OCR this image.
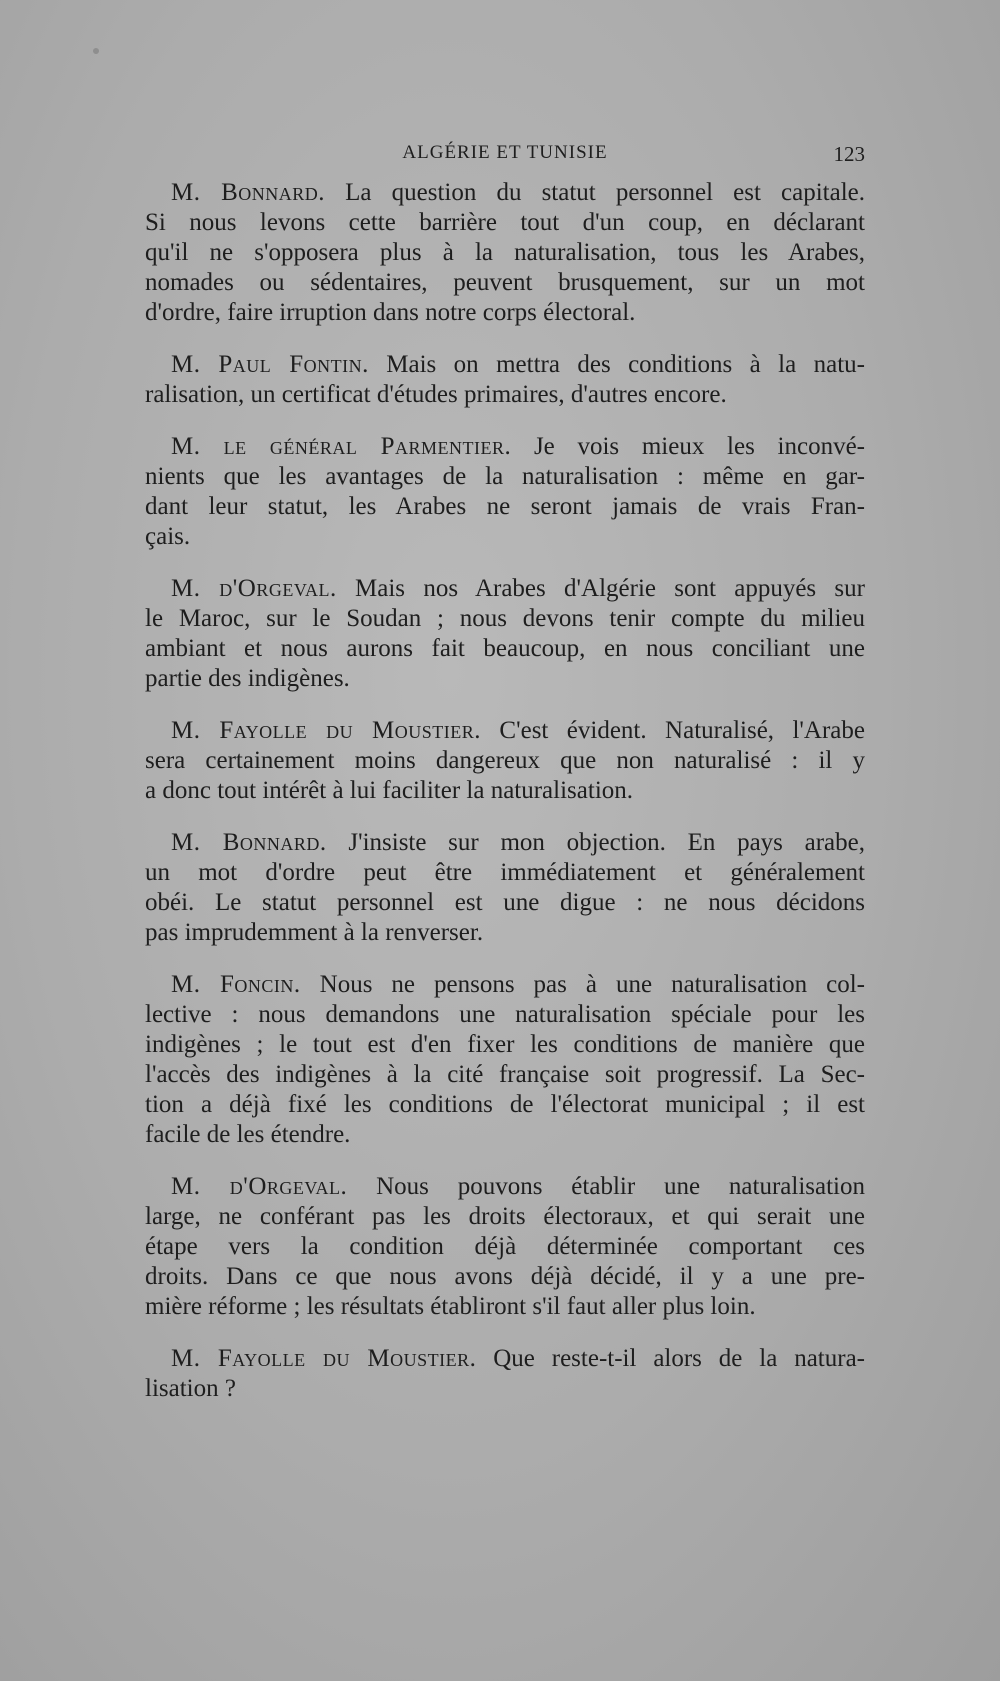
ALGÉRIE ET TUNISIE	123

M. Bonnard. La question du statut personnel est capitale.
Si nous levons cette barrière tout d'un coup, en déclarant
qu'il ne s'opposera plus à la naturalisation, tous les Arabes,
nomades ou sédentaires, peuvent brusquement, sur un mot
d'ordre, faire irruption dans notre corps électoral.

M. Paul Fontin. Mais on mettra des conditions à la natu-
ralisation, un certificat d'études primaires, d'autres encore.

M. le général Parmentier. Je vois mieux les inconvé-
nients que les avantages de la naturalisation : même en gar-
dant leur statut, les Arabes ne seront jamais de vrais Fran-
çais.

M. d'Orgeval. Mais nos Arabes d'Algérie sont appuyés sur
le Maroc, sur le Soudan ; nous devons tenir compte du milieu
ambiant et nous aurons fait beaucoup, en nous conciliant une
partie des indigènes.

M. Fayolle du Moustier. C'est évident. Naturalisé, l'Arabe
sera certainement moins dangereux que non naturalisé : il y
a donc tout intérêt à lui faciliter la naturalisation.

M. Bonnard. J'insiste sur mon objection. En pays arabe,
un mot d'ordre peut être immédiatement et généralement
obéi. Le statut personnel est une digue : ne nous décidons
pas imprudemment à la renverser.

M. Foncin. Nous ne pensons pas à une naturalisation col-
lective : nous demandons une naturalisation spéciale pour les
indigènes ; le tout est d'en fixer les conditions de manière que
l'accès des indigènes à la cité française soit progressif. La Sec-
tion a déjà fixé les conditions de l'électorat municipal ; il est
facile de les étendre.

M. d'Orgeval. Nous pouvons établir une naturalisation
large, ne conférant pas les droits électoraux, et qui serait une
étape vers la condition déjà déterminée comportant ces
droits. Dans ce que nous avons déjà décidé, il y a une pre-
mière réforme ; les résultats établiront s'il faut aller plus loin.

M. Fayolle du Moustier. Que reste-t-il alors de la natura-
lisation ?
